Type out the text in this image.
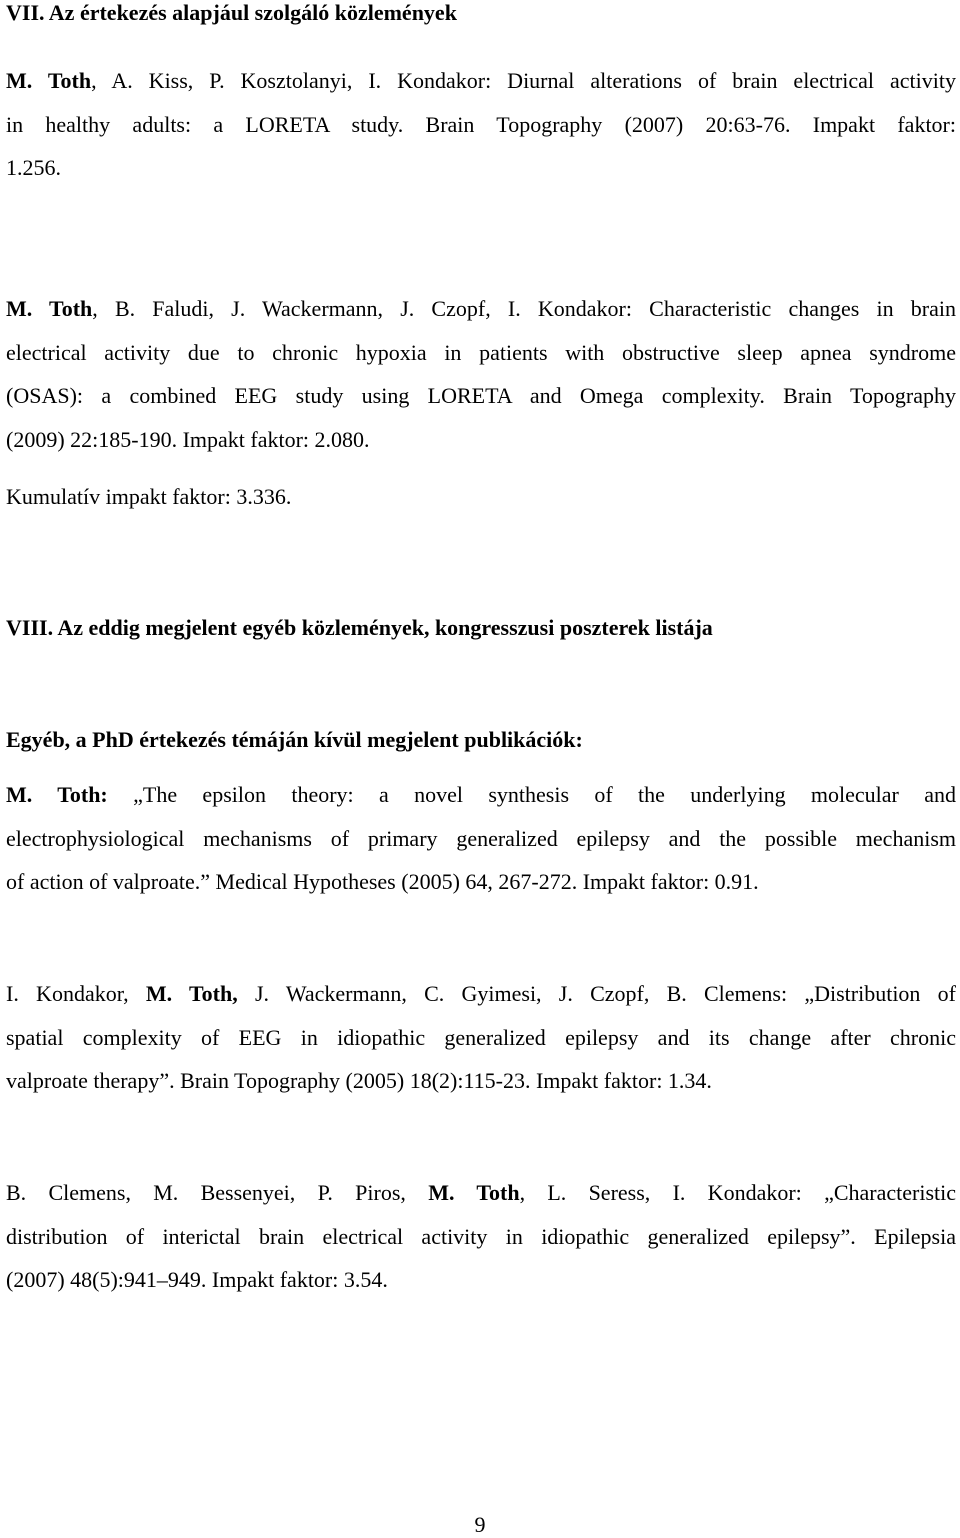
VII. Az értekezés alapjául szolgáló közlemények
M. Toth, A. Kiss, P. Kosztolanyi, I. Kondakor: Diurnal alterations of brain electrical activity
in healthy adults: a LORETA study. Brain Topography (2007) 20:63-76. Impakt faktor:
1.256.
M. Toth, B. Faludi, J. Wackermann, J. Czopf, I. Kondakor: Characteristic changes in brain
electrical activity due to chronic hypoxia in patients with obstructive sleep apnea syndrome
(OSAS): a combined EEG study using LORETA and Omega complexity. Brain Topography
(2009) 22:185-190. Impakt faktor: 2.080.
Kumulatív impakt faktor: 3.336.
VIII. Az eddig megjelent egyéb közlemények, kongresszusi poszterek listája
Egyéb, a PhD értekezés témáján kívül megjelent publikációk:
M. Toth: „The epsilon theory: a novel synthesis of the underlying molecular and
electrophysiological mechanisms of primary generalized epilepsy and the possible mechanism
of action of valproate.” Medical Hypotheses (2005) 64, 267-272. Impakt faktor: 0.91.
I. Kondakor, M. Toth, J. Wackermann, C. Gyimesi, J. Czopf, B. Clemens: „Distribution of
spatial complexity of EEG in idiopathic generalized epilepsy and its change after chronic
valproate therapy”. Brain Topography (2005) 18(2):115-23. Impakt faktor: 1.34.
B. Clemens, M. Bessenyei, P. Piros, M. Toth, L. Seress, I. Kondakor: „Characteristic
distribution of interictal brain electrical activity in idiopathic generalized epilepsy”. Epilepsia
(2007) 48(5):941–949. Impakt faktor: 3.54.
9
